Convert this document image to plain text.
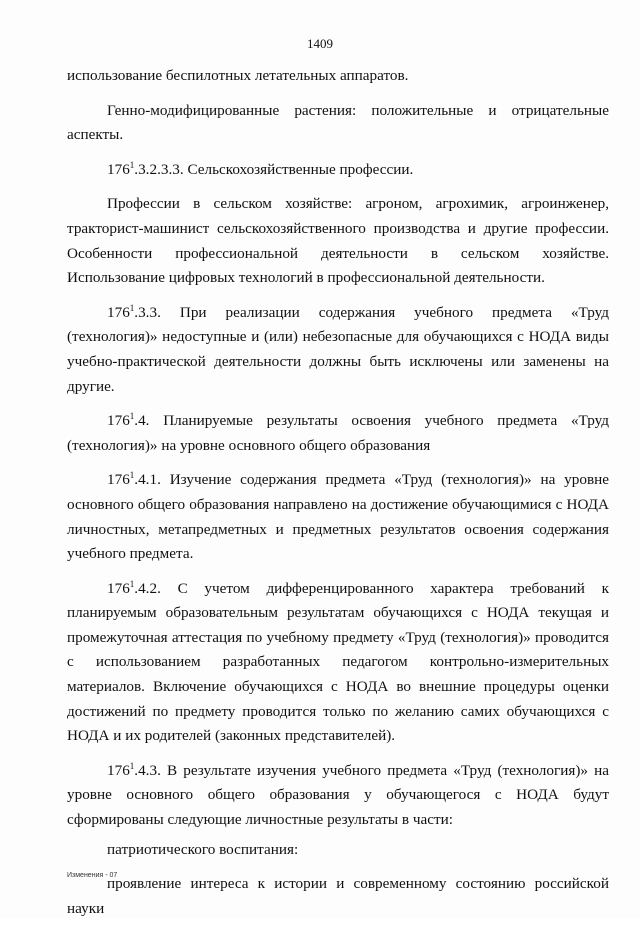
1409

использование беспилотных летательных аппаратов.

Генно-модифицированные растения: положительные и отрицательные аспекты.

$176^1.3.2.3.3$. Сельскохозяйственные профессии.

Профессии в сельском хозяйстве: агроном, агрохимик, агроинженер, тракторист-машинист сельскохозяйственного производства и другие профессии. Особенности профессиональной деятельности в сельском хозяйстве. Использование цифровых технологий в профессиональной деятельности.

$176^1.3.3$. При реализации содержания учебного предмета «Труд (технология)» недоступные и (или) небезопасные для обучающихся с НОДА виды учебно-практической деятельности должны быть исключены или заменены на другие.

$176^1.4$. Планируемые результаты освоения учебного предмета «Труд (технология)» на уровне основного общего образования

$176^1.4.1$. Изучение содержания предмета «Труд (технология)» на уровне основного общего образования направлено на достижение обучающимися с НОДА личностных, метапредметных и предметных результатов освоения содержания учебного предмета.

$176^1.4.2$. С учетом дифференцированного характера требований к планируемым образовательным результатам обучающихся с НОДА текущая и промежуточная аттестация по учебному предмету «Труд (технология)» проводится с использованием разработанных педагогом контрольно-измерительных материалов. Включение обучающихся с НОДА во внешние процедуры оценки достижений по предмету проводится только по желанию самих обучающихся с НОДА и их родителей (законных представителей).

$176^1.4.3$. В результате изучения учебного предмета «Труд (технология)» на уровне основного общего образования у обучающегося с НОДА будут сформированы следующие личностные результаты в части:

патриотического воспитания:

проявление интереса к истории и современному состоянию российской науки

Изменения - 07
